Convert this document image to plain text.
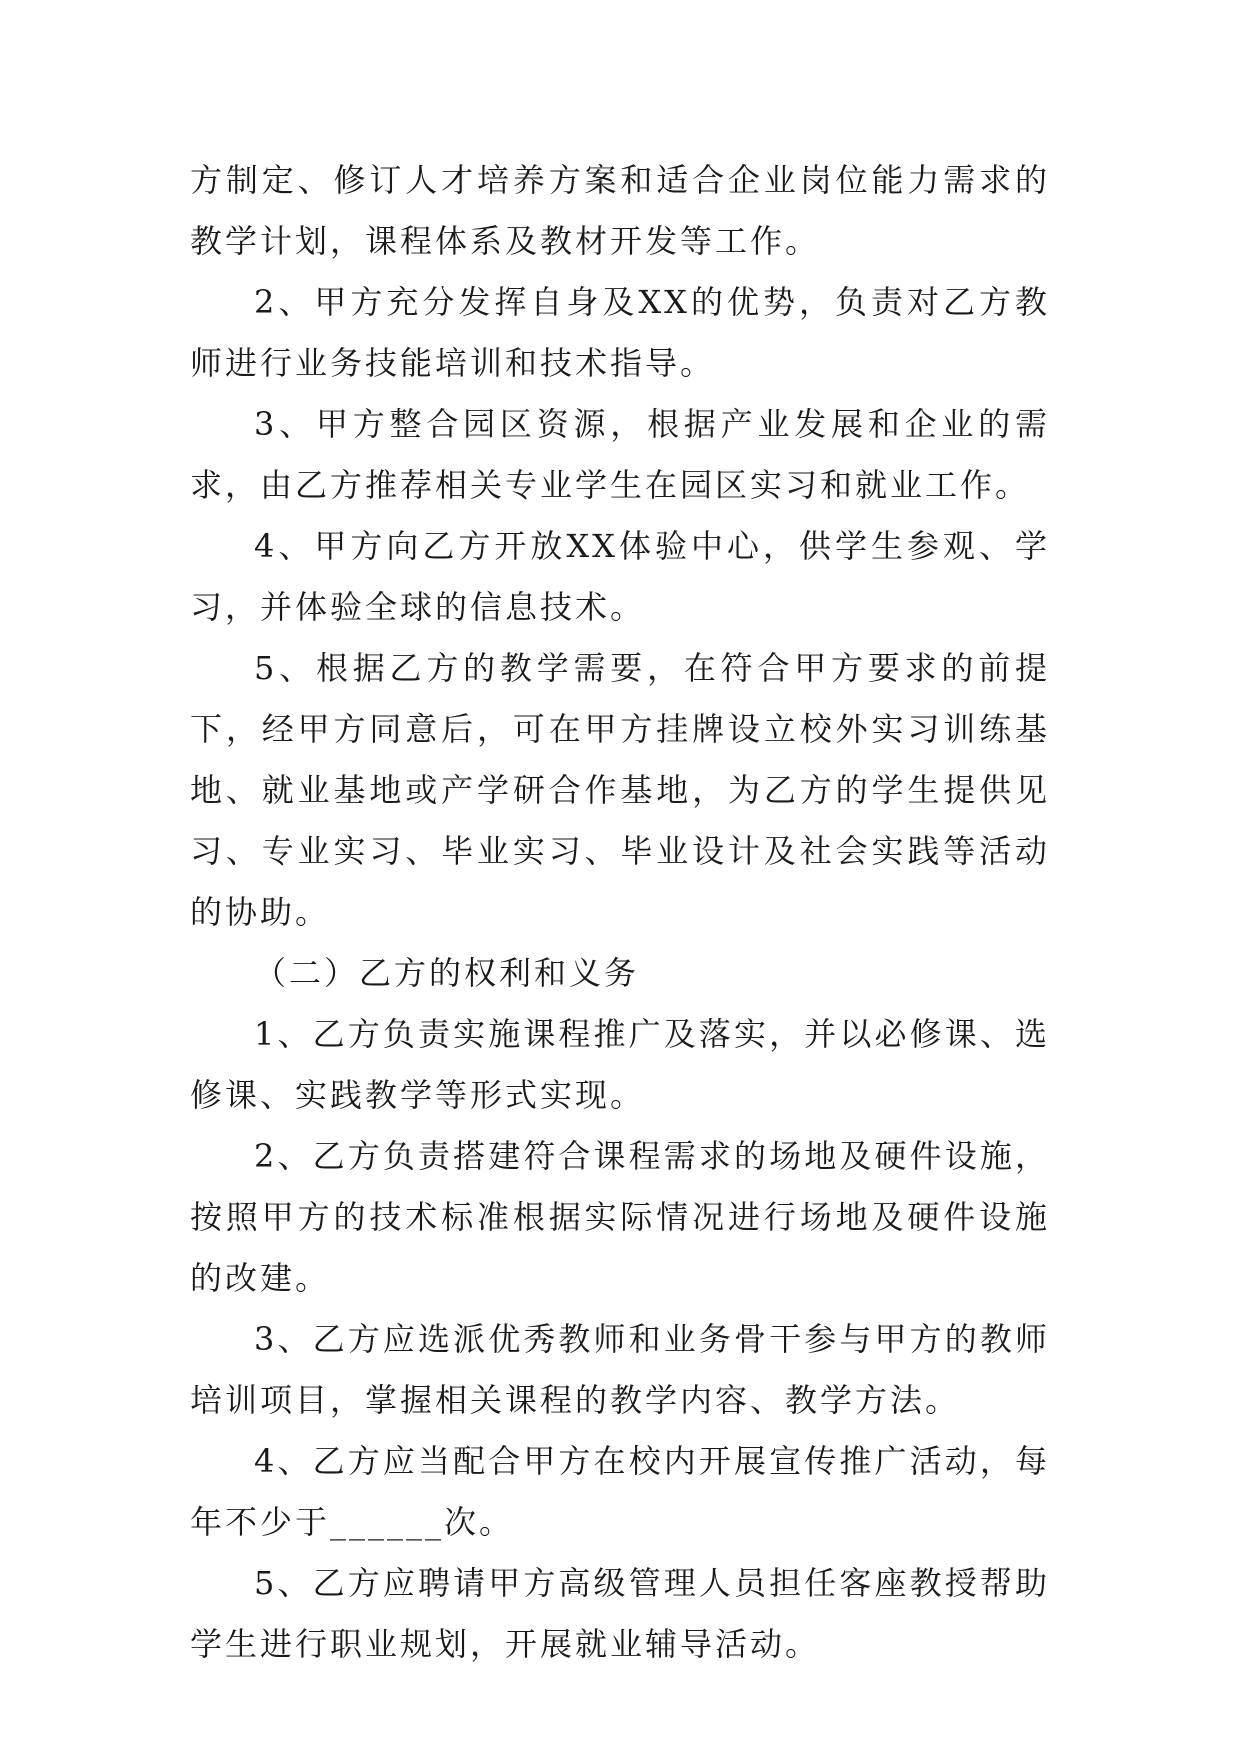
方制定、修订人才培养方案和适合企业岗位能力需求的教学计划，课程体系及教材开发等工作。

2、甲方充分发挥自身及XX的优势，负责对乙方教师进行业务技能培训和技术指导。

3、甲方整合园区资源，根据产业发展和企业的需求，由乙方推荐相关专业学生在园区实习和就业工作。

4、甲方向乙方开放XX体验中心，供学生参观、学习，并体验全球的信息技术。

5、根据乙方的教学需要，在符合甲方要求的前提下，经甲方同意后，可在甲方挂牌设立校外实习训练基地、就业基地或产学研合作基地，为乙方的学生提供见习、专业实习、毕业实习、毕业设计及社会实践等活动的协助。

（二）乙方的权利和义务

1、乙方负责实施课程推广及落实，并以必修课、选修课、实践教学等形式实现。

2、乙方负责搭建符合课程需求的场地及硬件设施，按照甲方的技术标准根据实际情况进行场地及硬件设施的改建。

3、乙方应选派优秀教师和业务骨干参与甲方的教师培训项目，掌握相关课程的教学内容、教学方法。

4、乙方应当配合甲方在校内开展宣传推广活动，每年不少于______次。

5、乙方应聘请甲方高级管理人员担任客座教授帮助学生进行职业规划，开展就业辅导活动。
